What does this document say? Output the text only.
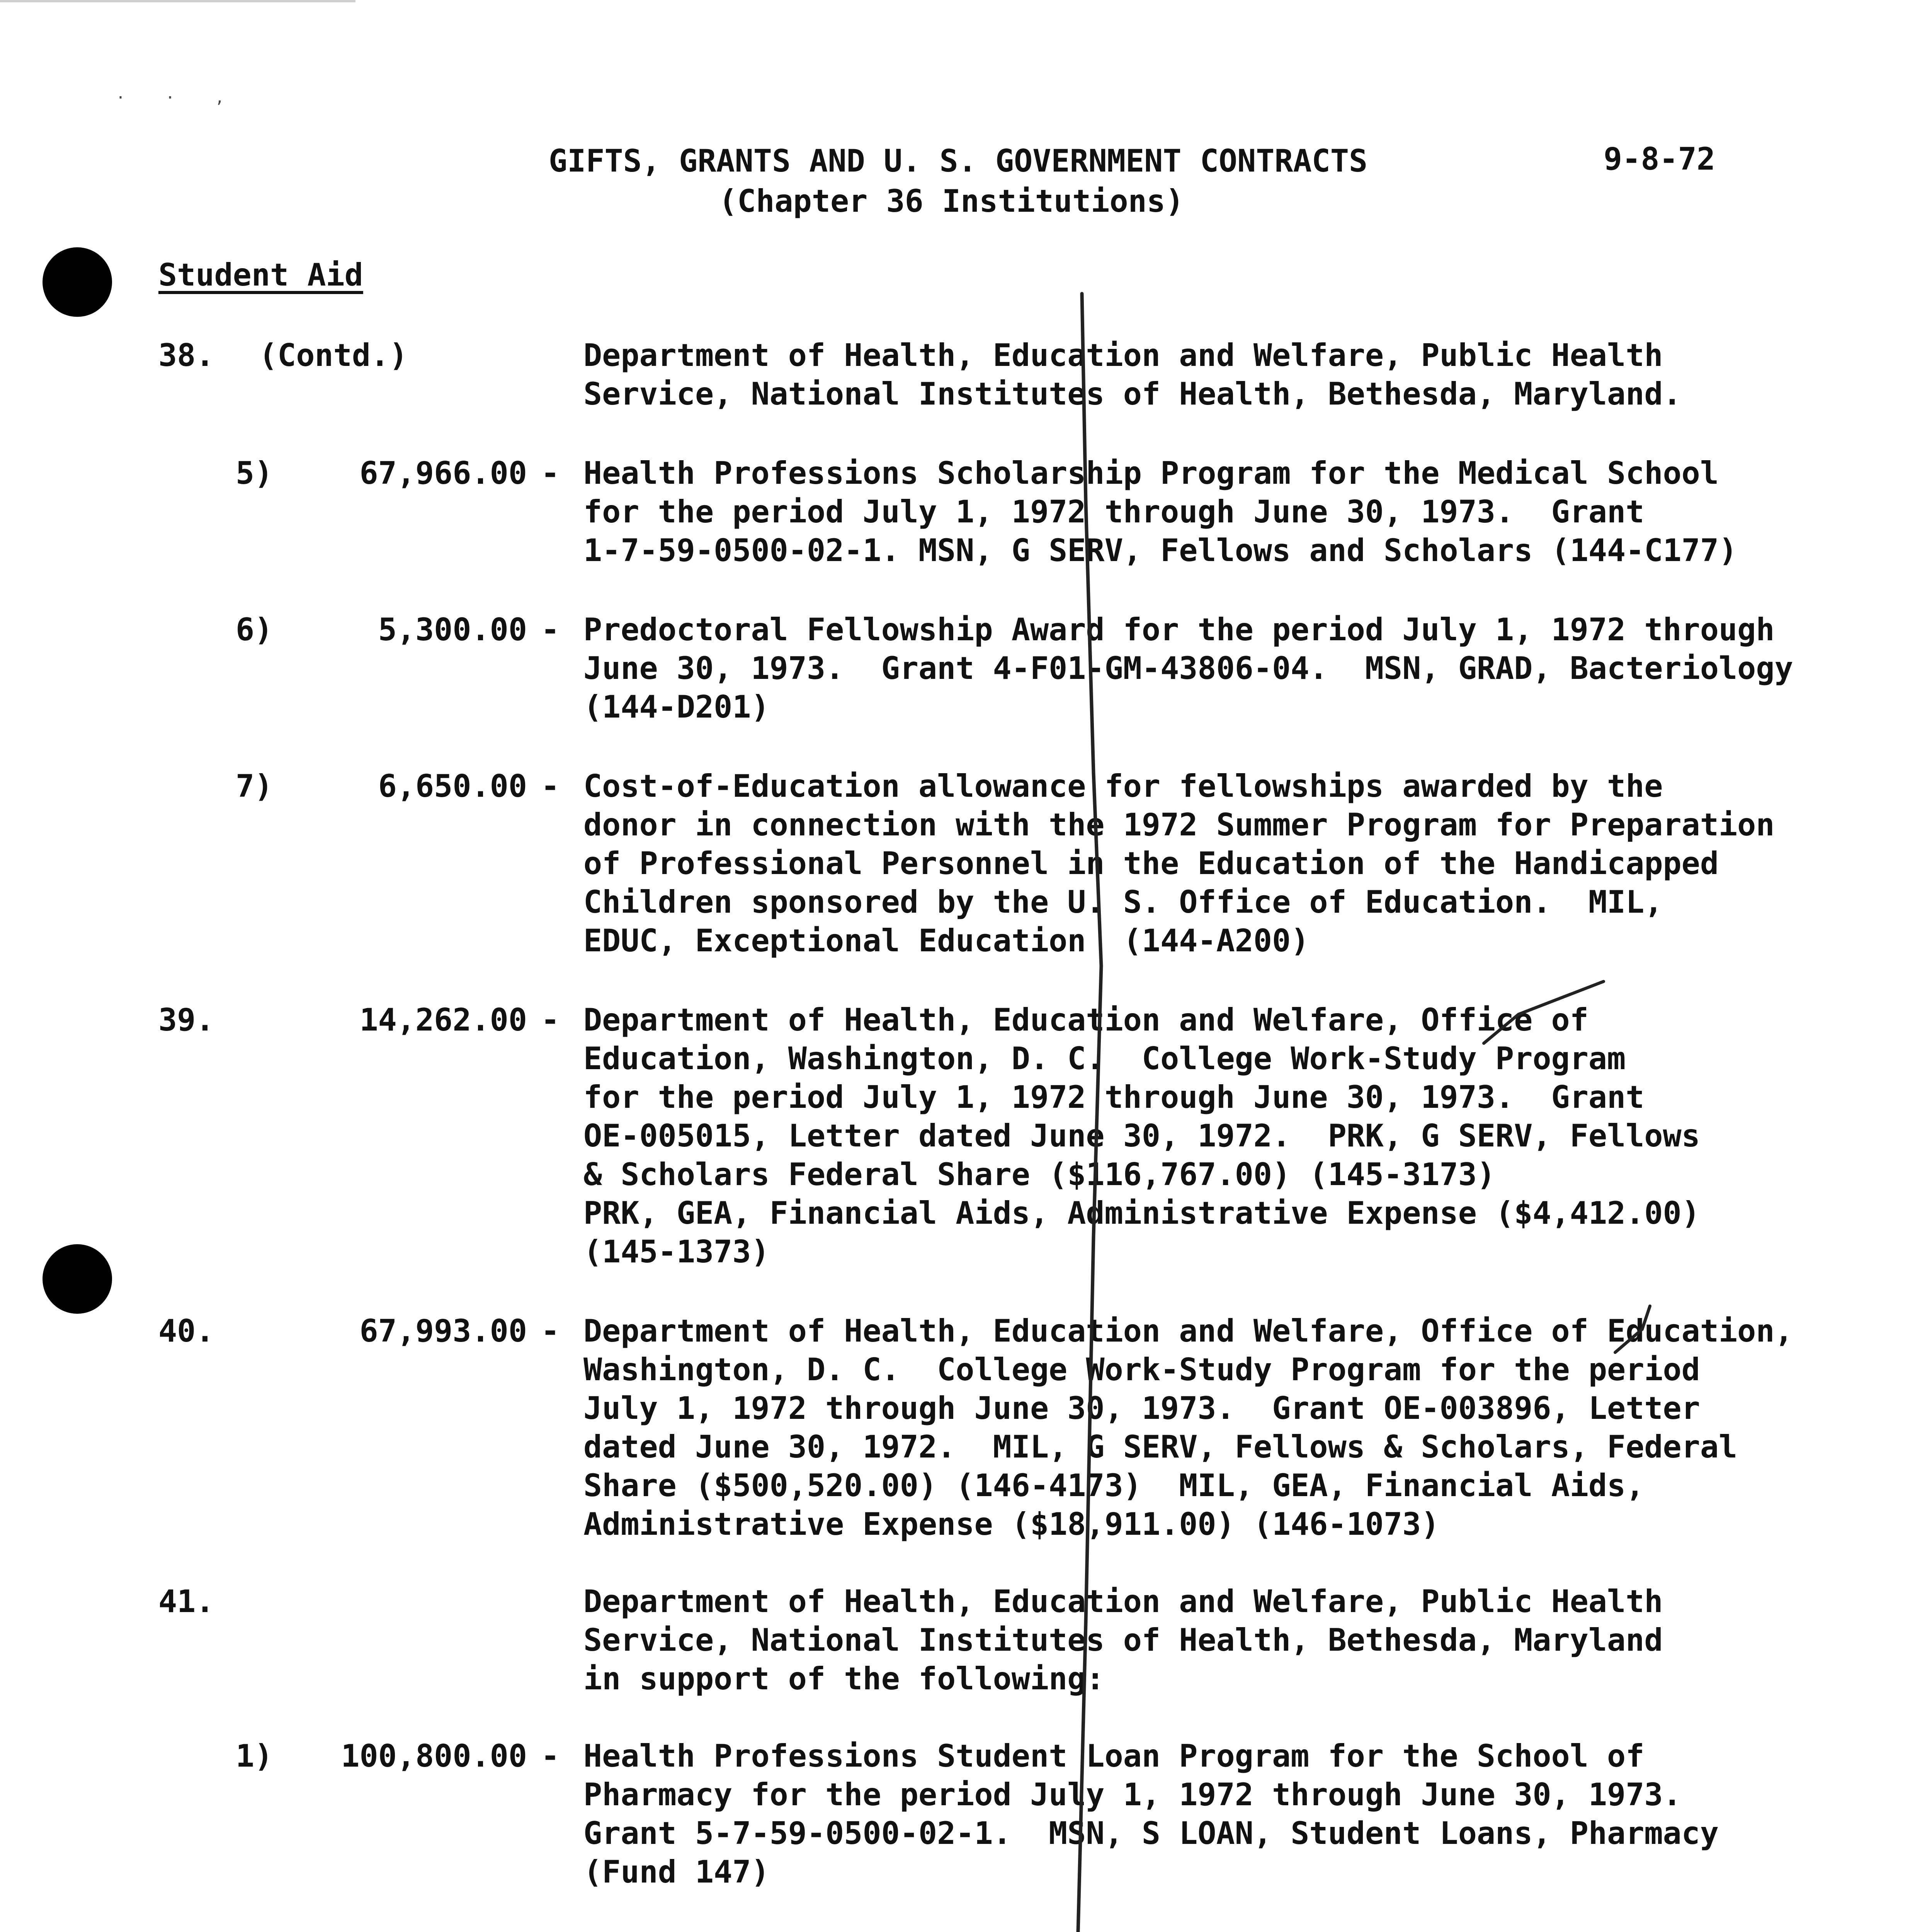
· · ,
GIFTS, GRANTS AND U. S. GOVERNMENT CONTRACTS
(Chapter 36 Institutions)
9-8-72
Student Aid
38. (Contd.)	Department of Health, Education and Welfare, Public Health
Service, National Institutes of Health, Bethesda, Maryland.
5)	67,966.00 - Health Professions Scholarship Program for the Medical School
for the period July 1, 1972 through June 30, 1973.  Grant
1-7-59-0500-02-1. MSN, G SERV, Fellows and Scholars (144-C177)
6)	5,300.00 - Predoctoral Fellowship Award for the period July 1, 1972 through
June 30, 1973.  Grant 4-F01-GM-43806-04.  MSN, GRAD, Bacteriology
(144-D201)
7)	6,650.00 - Cost-of-Education allowance for fellowships awarded by the
donor in connection with the 1972 Summer Program for Preparation
of Professional Personnel in the Education of the Handicapped
Children sponsored by the U. S. Office of Education.  MIL,
EDUC, Exceptional Education  (144-A200)
39.	14,262.00 - Department of Health, Education and Welfare, Office of
Education, Washington, D. C.  College Work-Study Program
for the period July 1, 1972 through June 30, 1973.  Grant
OE-005015, Letter dated June 30, 1972.  PRK, G SERV, Fellows
& Scholars Federal Share ($116,767.00) (145-3173)
PRK, GEA, Financial Aids, Administrative Expense ($4,412.00)
(145-1373)
40.	67,993.00 - Department of Health, Education and Welfare, Office of Education,
Washington, D. C.  College Work-Study Program for the period
July 1, 1972 through June 30, 1973.  Grant OE-003896, Letter
dated June 30, 1972.  MIL, G SERV, Fellows & Scholars, Federal
Share ($500,520.00) (146-4173)  MIL, GEA, Financial Aids,
Administrative Expense ($18,911.00) (146-1073)
41.	Department of Health, Education and Welfare, Public Health
Service, National Institutes of Health, Bethesda, Maryland
in support of the following:
1) 100,800.00 - Health Professions Student Loan Program for the School of
Pharmacy for the period July 1, 1972 through June 30, 1973.
Grant 5-7-59-0500-02-1.  MSN, S LOAN, Student Loans, Pharmacy
(Fund 147)
